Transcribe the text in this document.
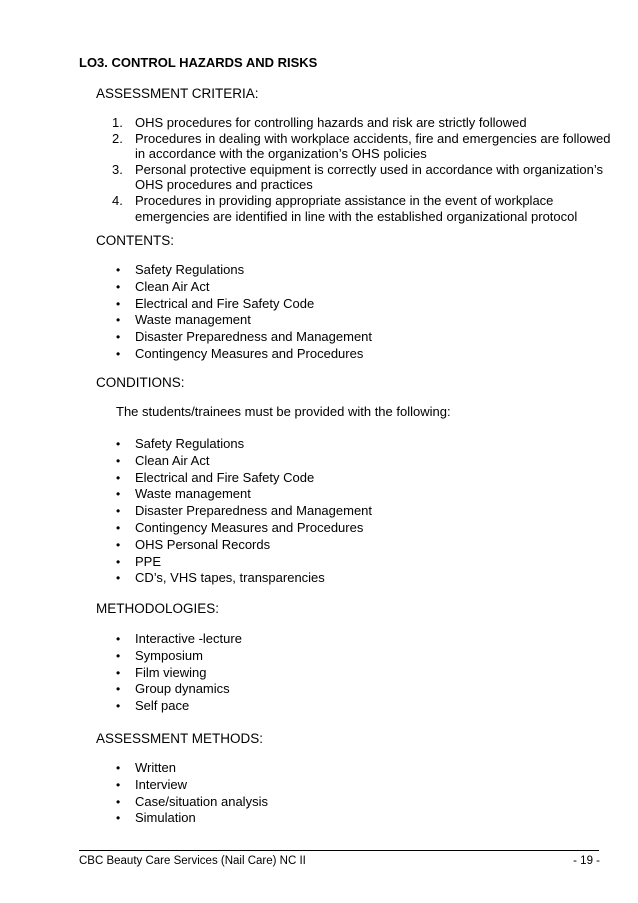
LO3. CONTROL HAZARDS AND RISKS
ASSESSMENT CRITERIA:
1. OHS procedures for controlling hazards and risk are strictly followed
2. Procedures in dealing with workplace accidents, fire and emergencies are followed in accordance with the organization’s OHS policies
3. Personal protective equipment is correctly used in accordance with organization’s OHS procedures and practices
4. Procedures in providing appropriate assistance in the event of workplace emergencies are identified in line with the established organizational protocol
CONTENTS:
• Safety Regulations
• Clean Air Act
• Electrical and Fire Safety Code
• Waste management
• Disaster Preparedness and Management
• Contingency Measures and Procedures
CONDITIONS:
The students/trainees must be provided with the following:
• Safety Regulations
• Clean Air Act
• Electrical and Fire Safety Code
• Waste management
• Disaster Preparedness and Management
• Contingency Measures and Procedures
• OHS Personal Records
• PPE
• CD’s, VHS tapes, transparencies
METHODOLOGIES:
• Interactive -lecture
• Symposium
• Film viewing
• Group dynamics
• Self pace
ASSESSMENT METHODS:
• Written
• Interview
• Case/situation analysis
• Simulation
CBC Beauty Care Services (Nail Care) NC II	- 19 -
